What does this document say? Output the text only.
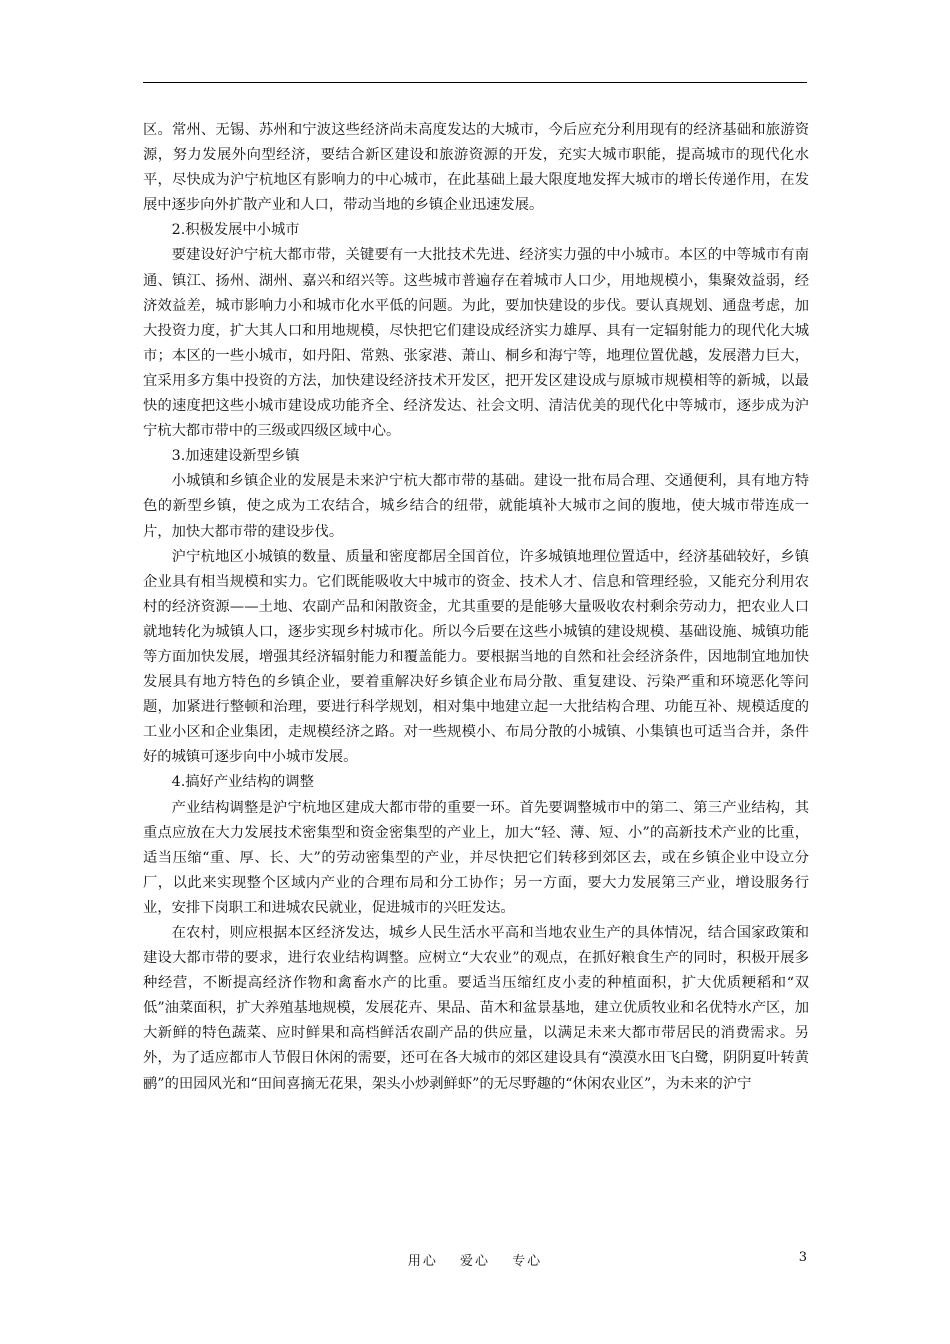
区。常州、无锡、苏州和宁波这些经济尚未高度发达的大城市，今后应充分利用现有的经济基础和旅游资源，努力发展外向型经济，要结合新区建设和旅游资源的开发，充实大城市职能，提高城市的现代化水平，尽快成为沪宁杭地区有影响力的中心城市，在此基础上最大限度地发挥大城市的增长传递作用，在发展中逐步向外扩散产业和人口，带动当地的乡镇企业迅速发展。

2.积极发展中小城市

要建设好沪宁杭大都市带，关键要有一大批技术先进、经济实力强的中小城市。本区的中等城市有南通、镇江、扬州、湖州、嘉兴和绍兴等。这些城市普遍存在着城市人口少，用地规模小，集聚效益弱，经济效益差，城市影响力小和城市化水平低的问题。为此，要加快建设的步伐。要认真规划、通盘考虑，加大投资力度，扩大其人口和用地规模，尽快把它们建设成经济实力雄厚、具有一定辐射能力的现代化大城市；本区的一些小城市，如丹阳、常熟、张家港、萧山、桐乡和海宁等，地理位置优越，发展潜力巨大，宜采用多方集中投资的方法，加快建设经济技术开发区，把开发区建设成与原城市规模相等的新城，以最快的速度把这些小城市建设成功能齐全、经济发达、社会文明、清洁优美的现代化中等城市，逐步成为沪宁杭大都市带中的三级或四级区域中心。

3.加速建设新型乡镇

小城镇和乡镇企业的发展是未来沪宁杭大都市带的基础。建设一批布局合理、交通便利，具有地方特色的新型乡镇，使之成为工农结合，城乡结合的纽带，就能填补大城市之间的腹地，使大城市带连成一片，加快大都市带的建设步伐。

沪宁杭地区小城镇的数量、质量和密度都居全国首位，许多城镇地理位置适中，经济基础较好，乡镇企业具有相当规模和实力。它们既能吸收大中城市的资金、技术人才、信息和管理经验，又能充分利用农村的经济资源——土地、农副产品和闲散资金，尤其重要的是能够大量吸收农村剩余劳动力，把农业人口就地转化为城镇人口，逐步实现乡村城市化。所以今后要在这些小城镇的建设规模、基础设施、城镇功能等方面加快发展，增强其经济辐射能力和覆盖能力。要根据当地的自然和社会经济条件，因地制宜地加快发展具有地方特色的乡镇企业，要着重解决好乡镇企业布局分散、重复建设、污染严重和环境恶化等问题，加紧进行整顿和治理，要进行科学规划，相对集中地建立起一大批结构合理、功能互补、规模适度的工业小区和企业集团，走规模经济之路。对一些规模小、布局分散的小城镇、小集镇也可适当合并，条件好的城镇可逐步向中小城市发展。

4.搞好产业结构的调整

产业结构调整是沪宁杭地区建成大都市带的重要一环。首先要调整城市中的第二、第三产业结构，其重点应放在大力发展技术密集型和资金密集型的产业上，加大“轻、薄、短、小”的高新技术产业的比重，适当压缩“重、厚、长、大”的劳动密集型的产业，并尽快把它们转移到郊区去，或在乡镇企业中设立分厂，以此来实现整个区域内产业的合理布局和分工协作；另一方面，要大力发展第三产业，增设服务行业，安排下岗职工和进城农民就业，促进城市的兴旺发达。

在农村，则应根据本区经济发达，城乡人民生活水平高和当地农业生产的具体情况，结合国家政策和建设大都市带的要求，进行农业结构调整。应树立“大农业”的观点，在抓好粮食生产的同时，积极开展多种经营，不断提高经济作物和禽畜水产的比重。要适当压缩红皮小麦的种植面积，扩大优质粳稻和“双低”油菜面积，扩大养殖基地规模，发展花卉、果品、苗木和盆景基地，建立优质牧业和名优特水产区，加大新鲜的特色蔬菜、应时鲜果和高档鲜活农副产品的供应量，以满足未来大都市带居民的消费需求。另外，为了适应都市人节假日休闲的需要，还可在各大城市的郊区建设具有“漠漠水田飞白鹭，阴阴夏叶转黄鹂”的田园风光和“田间喜摘无花果，架头小炒剥鲜虾”的无尽野趣的“休闲农业区”，为未来的沪宁

用心 爱心 专心	3
